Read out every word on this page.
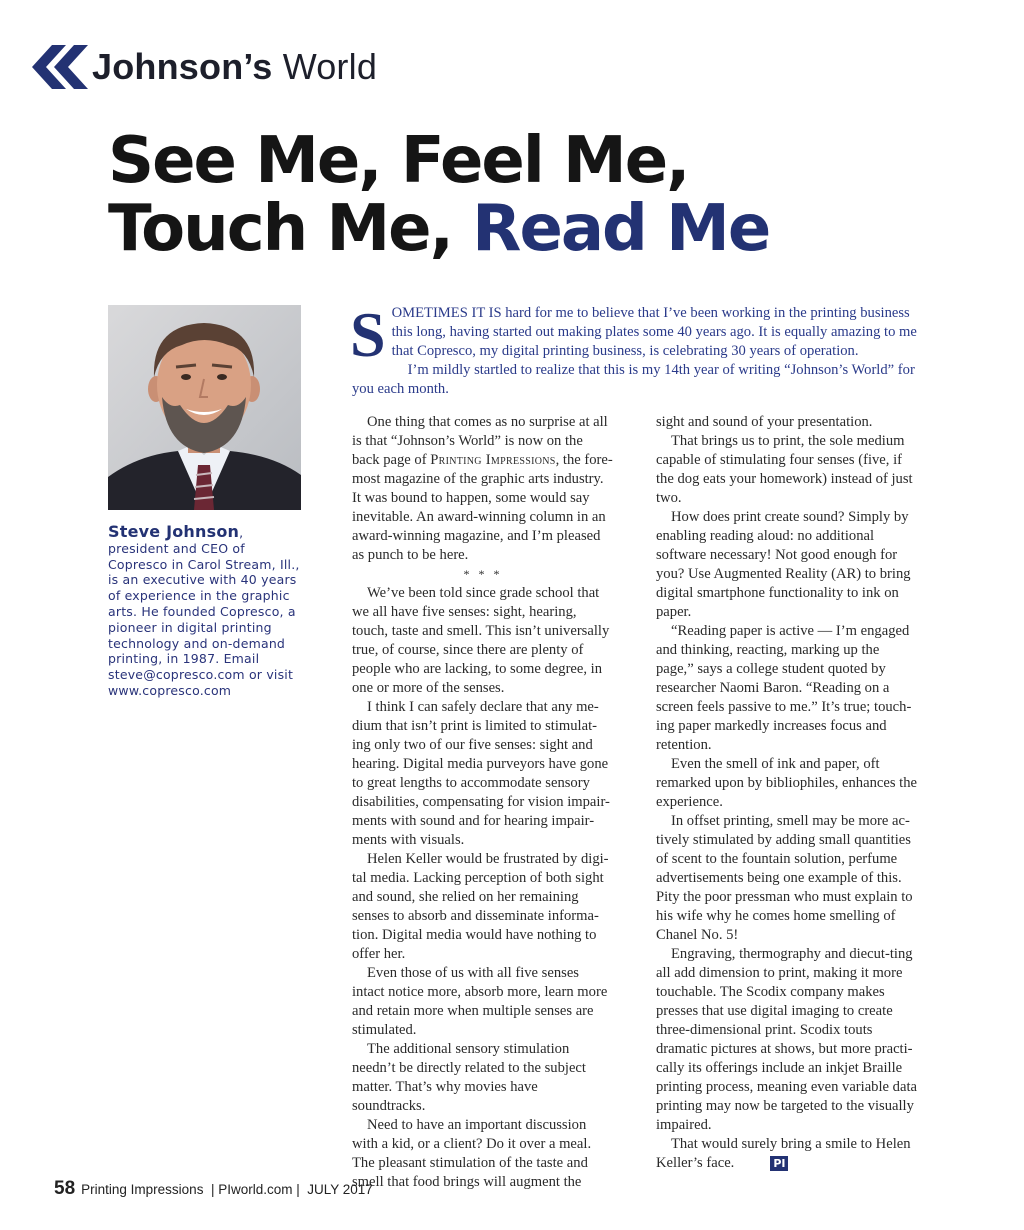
Johnson’s World
See Me, Feel Me,
Touch Me, Read Me
Steve Johnson,
president and CEO of Copresco in Carol Stream, Ill., is an executive with 40 years of experience in the graphic arts. He founded Copresco, a pioneer in digital printing technology and on-demand printing, in 1987. Email steve@copresco.com or visit www.copresco.com

SOMETIMES IT IS hard for me to believe that I’ve been working in the printing business this long, having started out making plates some 40 years ago. It is equally amazing to me that Copresco, my digital printing business, is celebrating 30 years of operation.

I’m mildly startled to realize that this is my 14th year of writing “Johnson’s World” for you each month.

One thing that comes as no surprise at all is that “Johnson’s World” is now on the back page of Printing Impressions, the fore-most magazine of the graphic arts industry. It was bound to happen, some would say inevitable. An award-winning column in an award-winning magazine, and I’m pleased as punch to be here.

* * *

We’ve been told since grade school that we all have five senses: sight, hearing, touch, taste and smell. This isn’t universally true, of course, since there are plenty of people who are lacking, to some degree, in one or more of the senses.

I think I can safely declare that any me-dium that isn’t print is limited to stimulat-ing only two of our five senses: sight and hearing. Digital media purveyors have gone to great lengths to accommodate sensory disabilities, compensating for vision impair-ments with sound and for hearing impair-ments with visuals.

Helen Keller would be frustrated by digi-tal media. Lacking perception of both sight and sound, she relied on her remaining senses to absorb and disseminate informa-tion. Digital media would have nothing to offer her.

Even those of us with all five senses intact notice more, absorb more, learn more and retain more when multiple senses are stimulated.

The additional sensory stimulation needn’t be directly related to the subject matter. That’s why movies have soundtracks.

Need to have an important discussion with a kid, or a client? Do it over a meal. The pleasant stimulation of the taste and smell that food brings will augment the

sight and sound of your presentation.

That brings us to print, the sole medium capable of stimulating four senses (five, if the dog eats your homework) instead of just two.

How does print create sound? Simply by enabling reading aloud: no additional software necessary! Not good enough for you? Use Augmented Reality (AR) to bring digital smartphone functionality to ink on paper.

“Reading paper is active — I’m engaged and thinking, reacting, marking up the page,” says a college student quoted by researcher Naomi Baron. “Reading on a screen feels passive to me.” It’s true; touch-ing paper markedly increases focus and retention.

Even the smell of ink and paper, oft remarked upon by bibliophiles, enhances the experience.

In offset printing, smell may be more ac-tively stimulated by adding small quantities of scent to the fountain solution, perfume advertisements being one example of this. Pity the poor pressman who must explain to his wife why he comes home smelling of Chanel No. 5!

Engraving, thermography and diecut-ting all add dimension to print, making it more touchable. The Scodix company makes presses that use digital imaging to create three-dimensional print. Scodix touts dramatic pictures at shows, but more practi-cally its offerings include an inkjet Braille printing process, meaning even variable data printing may now be targeted to the visually impaired.

That would surely bring a smile to Helen Keller’s face.	PI

58 Printing Impressions  | PIworld.com |  JULY 2017
